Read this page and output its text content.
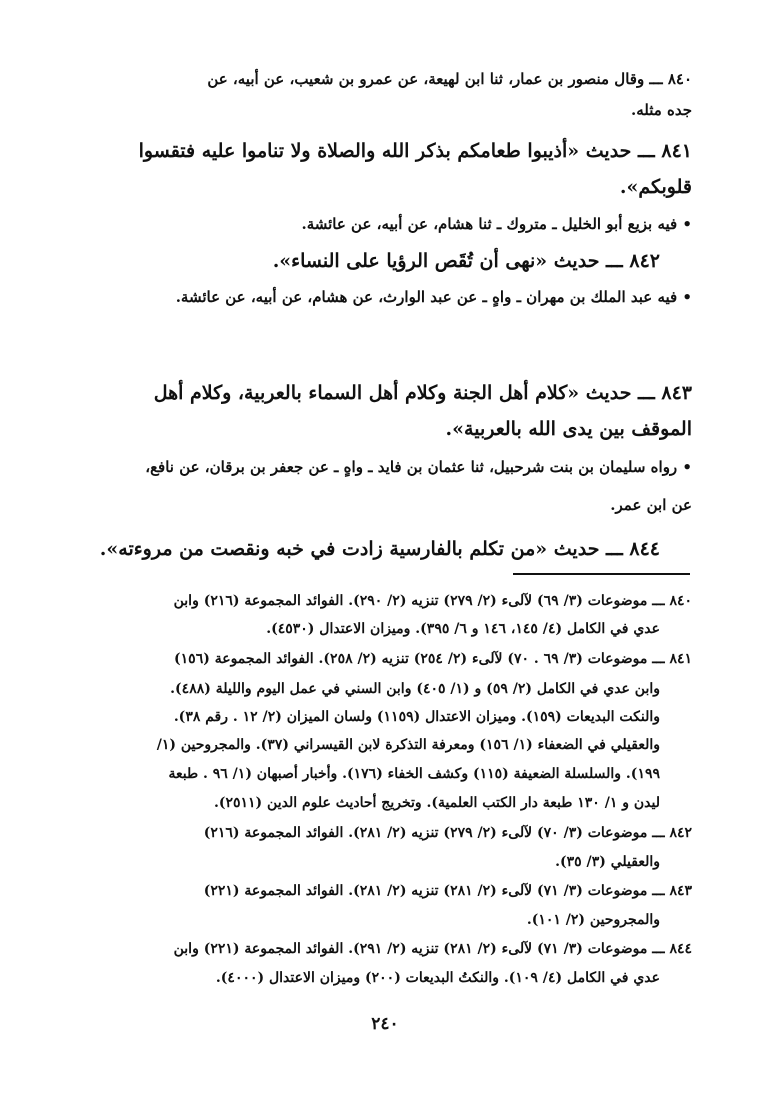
٨٤٠ ـــ وقال منصور بن عمار، ثنا ابن لهيعة، عن عمرو بن شعيب، عن أبيه، عن
جده مثله.
٨٤١ ـــ حديث «أذيبوا طعامكم بذكر الله والصلاة ولا تناموا عليه فتقسوا
قلوبكم».
• فيه بزيع أبو الخليل ـ متروك ـ ثنا هشام، عن أبيه، عن عائشة.
٨٤٢ ـــ حديث «نهى أن تُقَص الرؤيا على النساء».
• فيه عبد الملك بن مهران ـ واهٍ ـ عن عبد الوارث، عن هشام، عن أبيه، عن عائشة.
٨٤٣ ـــ حديث «كلام أهل الجنة وكلام أهل السماء بالعربية، وكلام أهل
الموقف بين يدى الله بالعربية».
• رواه سليمان بن بنت شرحبيل، ثنا عثمان بن فايد ـ واهٍ ـ عن جعفر بن برقان، عن نافع،
عن ابن عمر.
٨٤٤ ـــ حديث «من تكلم بالفارسية زادت في خبه ونقصت من مروءته».
٨٤٠ ـــ موضوعات (٣/ ٦٩) لآلىء (٢/ ٢٧٩) تنزيه (٢/ ٢٩٠). الفوائد المجموعة (٢١٦) وابن
عدي في الكامل (٤/ ١٤٥، ١٤٦ و ٦/ ٣٩٥). وميزان الاعتدال (٤٥٣٠).
٨٤١ ـــ موضوعات (٣/ ٦٩ . ٧٠) لآلىء (٢/ ٢٥٤) تنزيه (٢/ ٢٥٨). الفوائد المجموعة (١٥٦)
وابن عدي في الكامل (٢/ ٥٩) و (١/ ٤٠٥) وابن السني في عمل اليوم والليلة (٤٨٨).
والنكت البديعات (١٥٩). وميزان الاعتدال (١١٥٩) ولسان الميزان (٢/ ١٢ . رقم ٣٨).
والعقيلي في الضعفاء (١/ ١٥٦) ومعرفة التذكرة لابن القيسراني (٣٧). والمجروحين (١/
١٩٩). والسلسلة الضعيفة (١١٥) وكشف الخفاء (١٧٦). وأخبار أصبهان (١/ ٩٦ . طبعة
ليدن و ١/ ١٣٠ طبعة دار الكتب العلمية). وتخريج أحاديث علوم الدين (٢٥١١).
٨٤٢ ـــ موضوعات (٣/ ٧٠) لآلىء (٢/ ٢٧٩) تنزيه (٢/ ٢٨١). الفوائد المجموعة (٢١٦)
والعقيلي (٣/ ٣٥).
٨٤٣ ـــ موضوعات (٣/ ٧١) لآلىء (٢/ ٢٨١) تنزيه (٢/ ٢٨١). الفوائد المجموعة (٢٢١)
والمجروحين (٢/ ١٠١).
٨٤٤ ـــ موضوعات (٣/ ٧١) لآلىء (٢/ ٢٨١) تنزيه (٢/ ٢٩١). الفوائد المجموعة (٢٢١) وابن
عدي في الكامل (٤/ ١٠٩). والنكتُ البديعات (٢٠٠) وميزان الاعتدال (٤٠٠٠).
٢٤٠
